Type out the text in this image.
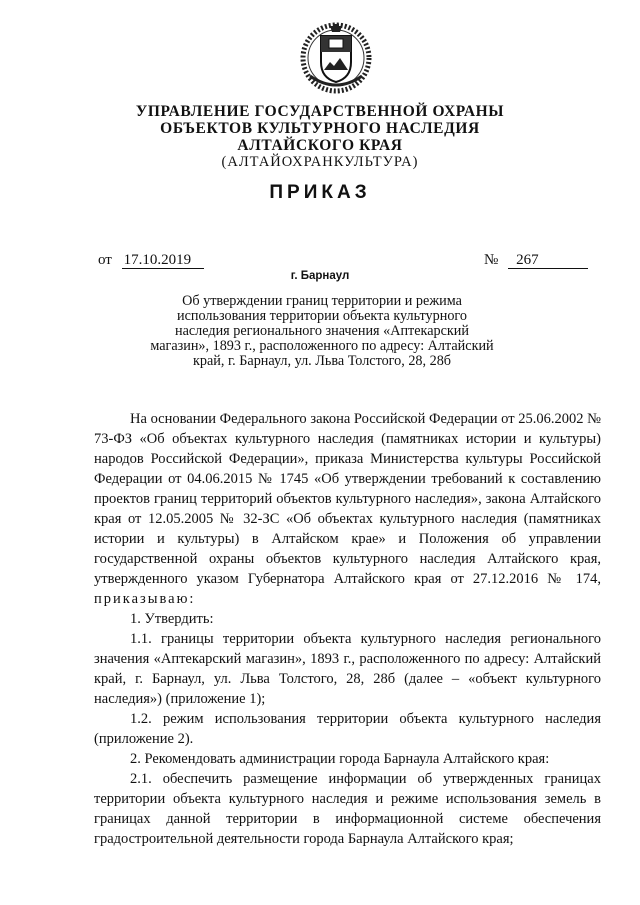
УПРАВЛЕНИЕ ГОСУДАРСТВЕННОЙ ОХРАНЫ
ОБЪЕКТОВ КУЛЬТУРНОГО НАСЛЕДИЯ
АЛТАЙСКОГО КРАЯ
(АЛТАЙОХРАНКУЛЬТУРА)
ПРИКАЗ
от 17.10.2019	№ 267
г. Барнаул
Об утверждении границ территории и режима использования территории объекта культурного наследия регионального значения «Аптекарский магазин», 1893 г., расположенного по адресу: Алтайский край, г. Барнаул, ул. Льва Толстого, 28, 28б

На основании Федерального закона Российской Федерации от 25.06.2002 № 73-ФЗ «Об объектах культурного наследия (памятниках истории и культуры) народов Российской Федерации», приказа Министерства культуры Российской Федерации от 04.06.2015 № 1745 «Об утверждении требований к составлению проектов границ территорий объектов культурного наследия», закона Алтайского края от 12.05.2005 № 32-ЗС «Об объектах культурного наследия (памятниках истории и культуры) в Алтайском крае» и Положения об управлении государственной охраны объектов культурного наследия Алтайского края, утвержденного указом Губернатора Алтайского края от 27.12.2016 № 174, приказываю:

1. Утвердить:

1.1. границы территории объекта культурного наследия регионального значения «Аптекарский магазин», 1893 г., расположенного по адресу: Алтайский край, г. Барнаул, ул. Льва Толстого, 28, 28б (далее – «объект культурного наследия») (приложение 1);

1.2. режим использования территории объекта культурного наследия (приложение 2).

2. Рекомендовать администрации города Барнаула Алтайского края:

2.1. обеспечить размещение информации об утвержденных границах территории объекта культурного наследия и режиме использования земель в границах данной территории в информационной системе обеспечения градостроительной деятельности города Барнаула Алтайского края;
